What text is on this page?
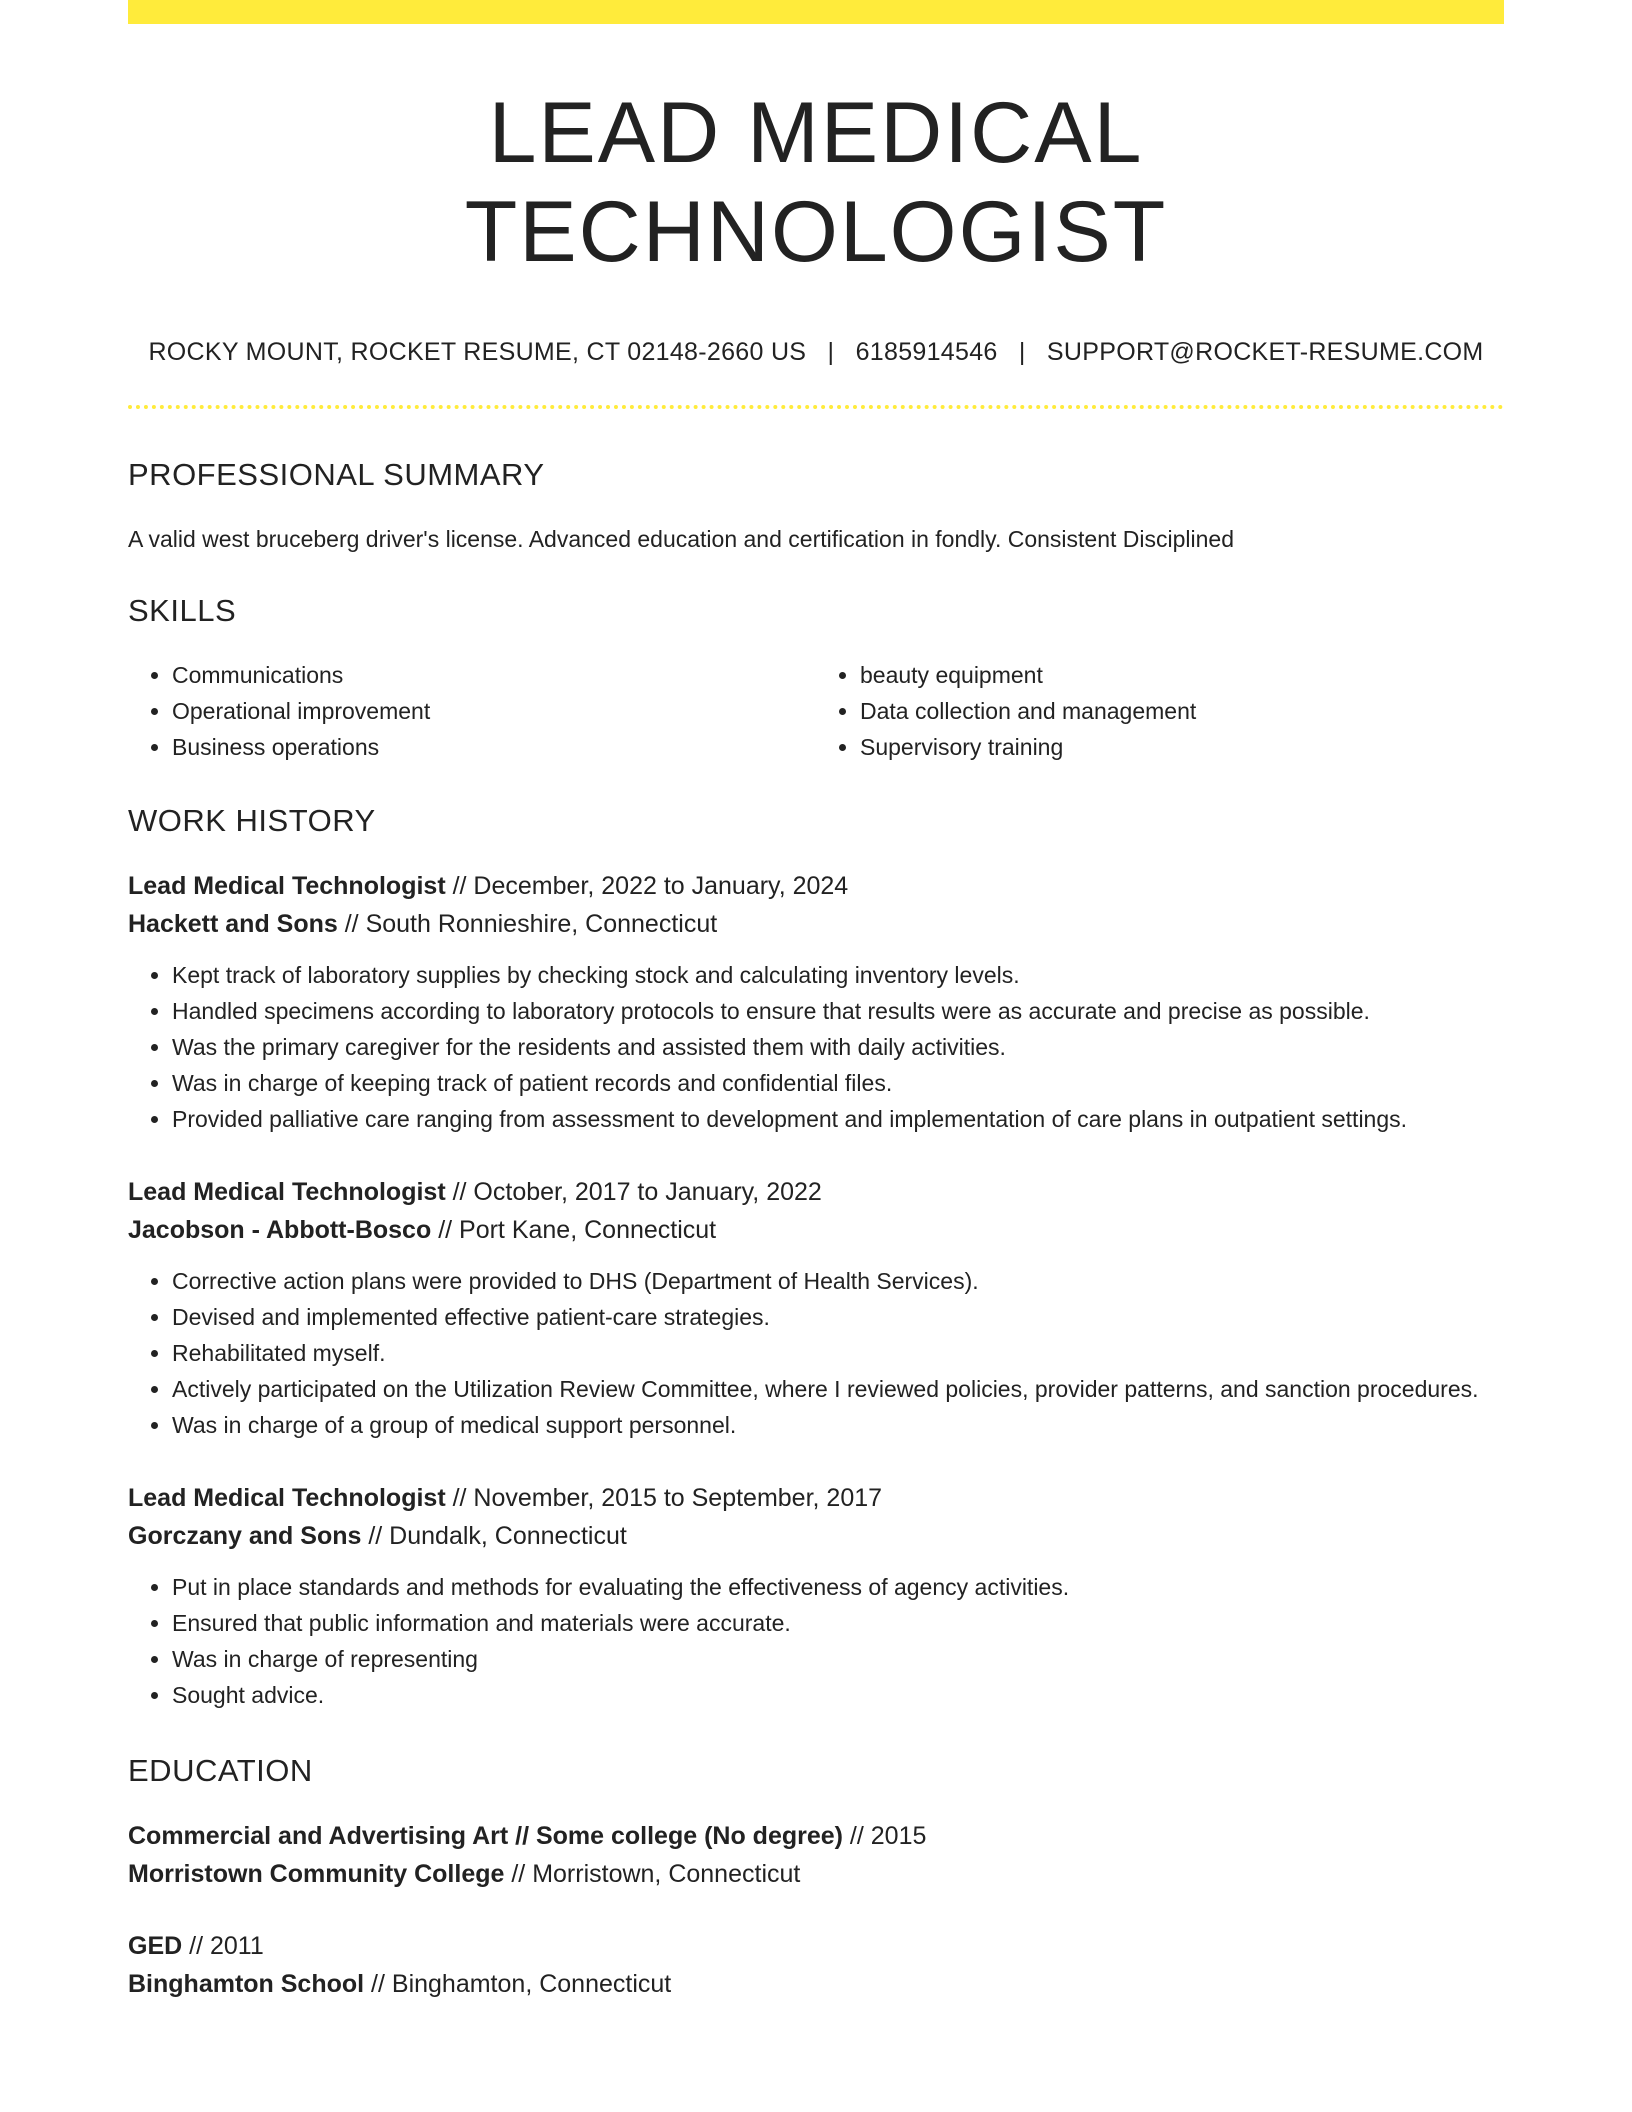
LEAD MEDICAL TECHNOLOGIST
ROCKY MOUNT, ROCKET RESUME, CT 02148-2660 US | 6185914546 | SUPPORT@ROCKET-RESUME.COM
PROFESSIONAL SUMMARY

A valid west bruceberg driver's license. Advanced education and certification in fondly. Consistent Disciplined

SKILLS
• Communications
• Operational improvement
• Business operations
• beauty equipment
• Data collection and management
• Supervisory training
WORK HISTORY
Lead Medical Technologist // December, 2022 to January, 2024
Hackett and Sons // South Ronnieshire, Connecticut
• Kept track of laboratory supplies by checking stock and calculating inventory levels.
• Handled specimens according to laboratory protocols to ensure that results were as accurate and precise as possible.
• Was the primary caregiver for the residents and assisted them with daily activities.
• Was in charge of keeping track of patient records and confidential files.
• Provided palliative care ranging from assessment to development and implementation of care plans in outpatient settings.
Lead Medical Technologist // October, 2017 to January, 2022
Jacobson - Abbott-Bosco // Port Kane, Connecticut
• Corrective action plans were provided to DHS (Department of Health Services).
• Devised and implemented effective patient-care strategies.
• Rehabilitated myself.
• Actively participated on the Utilization Review Committee, where I reviewed policies, provider patterns, and sanction procedures.
• Was in charge of a group of medical support personnel.
Lead Medical Technologist // November, 2015 to September, 2017
Gorczany and Sons // Dundalk, Connecticut
• Put in place standards and methods for evaluating the effectiveness of agency activities.
• Ensured that public information and materials were accurate.
• Was in charge of representing
• Sought advice.
EDUCATION
Commercial and Advertising Art // Some college (No degree) // 2015
Morristown Community College // Morristown, Connecticut
GED // 2011
Binghamton School // Binghamton, Connecticut
